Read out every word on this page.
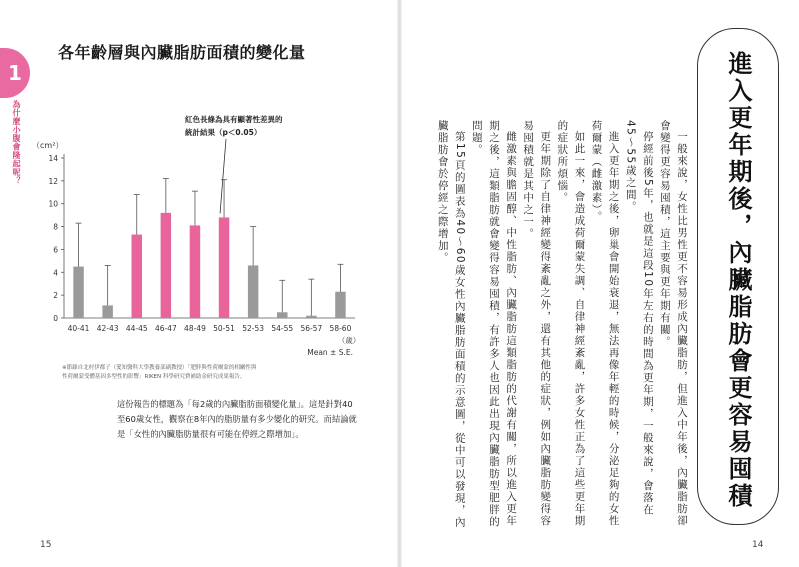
1
為什麼小腹會隆起呢？
各年齡層與內臟脂肪面積的變化量
（cm²）
0
2
4
6
8
10
12
14
40-41 42-43 44-45 46-47 48-49 50-51 52-53 54-55 56-57 58-60
（歲）
Mean ± S.E.
紅色長條為具有顯著性差異的
統計結果（p＜0.05）
※節錄自北村伊都子（愛知醫科大學教養部副教授）「肥胖與性荷爾蒙的相關性與
性荷爾蒙受體基因多型性的影響」RIKEN 科學研究費補助金研究成果報告。
這份報告的標題為「每2歲的內臟脂肪面積變化量」。這是針對40至60歲女性，觀察在8年內的脂肪量有多少變化的研究。而結論就是「女性的內臟脂肪量很有可能在停經之際增加」。
15
進入更年期後，內臟脂肪會更容易囤積

一般來說，女性比男性更不容易形成內臟脂肪，但進入中年後，內臟脂肪卻會變得更容易囤積，這主要與更年期有關。

停經前後5年，也就是這段10年左右的時間為更年期，一般來說，會落在45～55歲之間。

進入更年期之後，卵巢會開始衰退，無法再像年輕的時候，分泌足夠的女性荷爾蒙（雌激素）。

如此一來，會造成荷爾蒙失調、自律神經紊亂，許多女性正為了這些更年期的症狀所煩惱。

更年期除了自律神經變得紊亂之外，還有其他的症狀，例如內臟脂肪變得容易囤積就是其中之一。

雌激素與膽固醇、中性脂肪、內臟脂肪這類脂肪的代謝有關，所以進入更年期之後，這類脂肪就會變得容易囤積，有許多人也因此出現內臟脂肪型肥胖的問題。

第15頁的圖表為40～60歲女性內臟脂肪面積的示意圖，從中可以發現，內臟脂肪會於停經之際增加。

14
